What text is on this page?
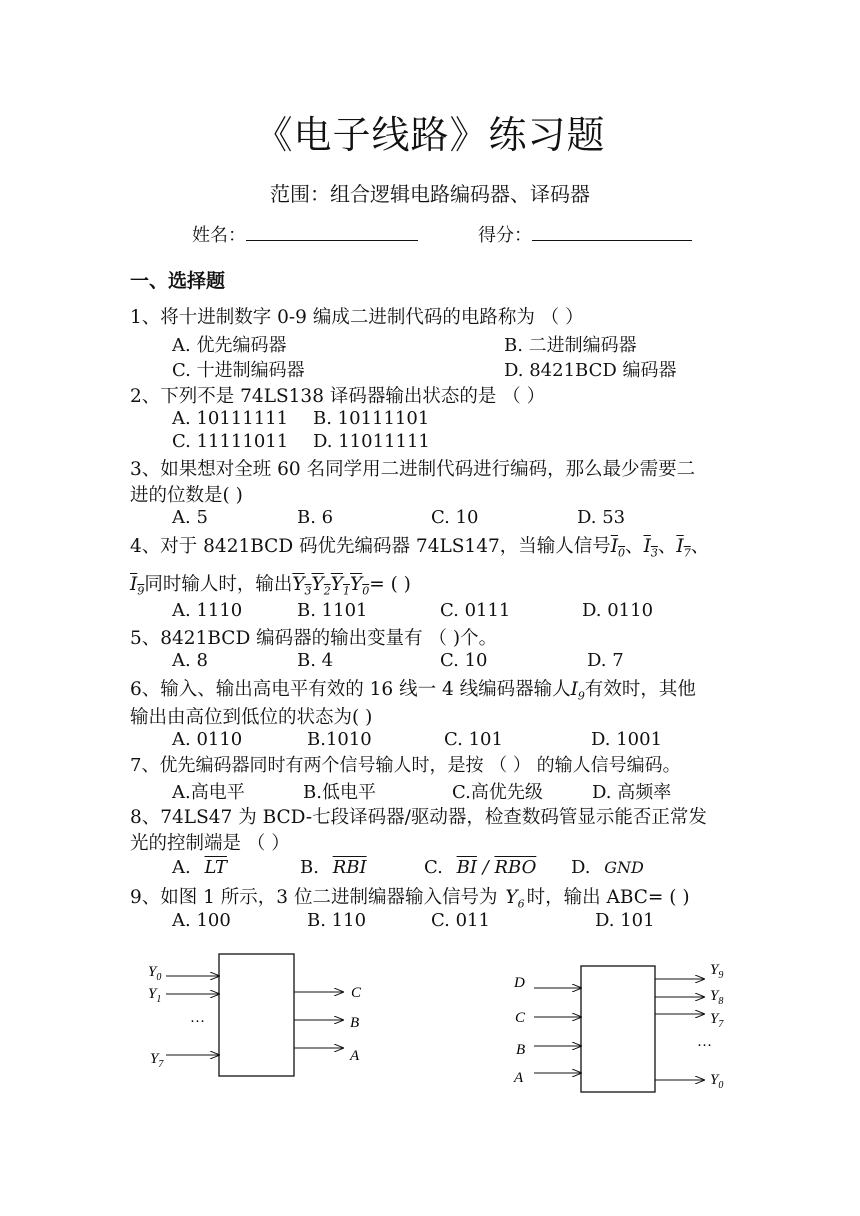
《电子线路》练习题
范围：组合逻辑电路编码器、译码器
姓名：	得分：
一、选择题
1、将十进制数字 0-9 编成二进制代码的电路称为 （ ）
A. 优先编码器	B. 二进制编码器
C. 十进制编码器	D. 8421BCD 编码器
2、下列不是 74LS138 译码器输出状态的是 （ ）
A. 10111111 B. 10111101
C. 11111011 D. 11011111
3、如果想对全班 60 名同学用二进制代码进行编码，那么最少需要二
进的位数是( )
A. 5	B. 6	C. 10	D. 53
4、对于 8421BCD 码优先编码器 74LS147，当输人信号$I_0$、$I_3$、$I_7$、
$I_9$同时输人时，输出$Y_3Y_2Y_1Y_0=$ ( )
A. 1110	B. 1101	C. 0111	D. 0110
5、8421BCD 编码器的输出变量有 （ )个。
A. 8	B. 4	C. 10	D. 7
6、输入、输出高电平有效的 16 线一 4 线编码器输人$I_9$有效时，其他
输出由高位到低位的状态为( )
A. 0110	B.1010	C. 101	D. 1001
7、优先编码器同时有两个信号输人时，是按 （ ） 的输人信号编码。
A.高电平	B.低电平	C.高优先级	D. 高频率
8、74LS47 为 BCD-七段译码器/驱动器，检查数码管显示能否正常发
光的控制端是 （ ）
A. $\overline{LT}$	B. $\overline{RBI}$	C. $\overline{BI} / \overline{RBO}$ D. GND
9、如图 1 所示，3 位二进制编器输入信号为 $Y_6$ 时，输出 ABC= ( )
A. 100	B. 110	C. 011	D. 101
$Y_0$
$Y_1$
…
$Y_7$
C
B
A
D
C
B
A
$Y_9$
$Y_8$
$Y_7$
…
$Y_0$
